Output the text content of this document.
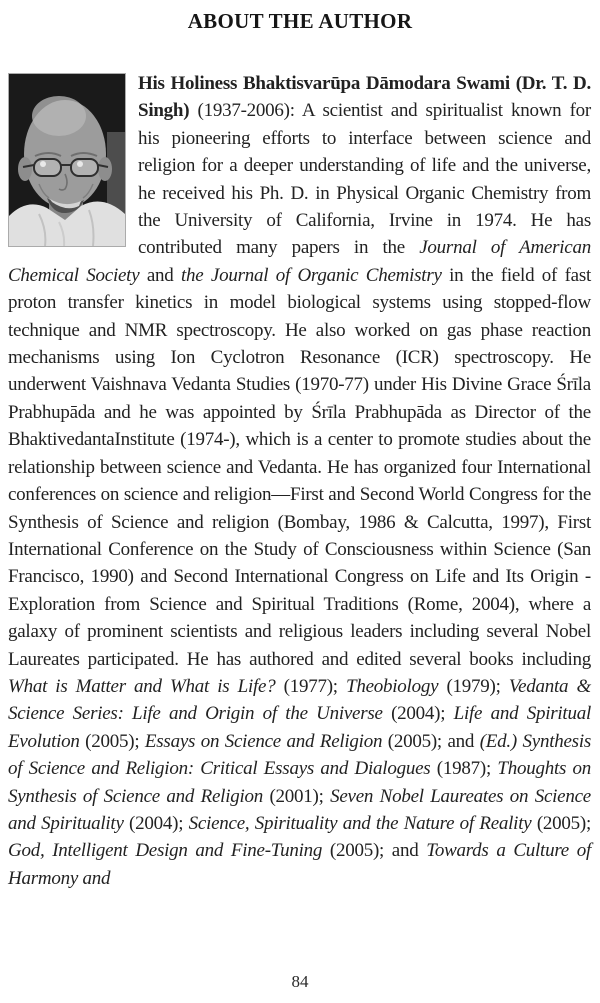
ABOUT THE AUTHOR

His Holiness Bhaktisvarūpa Dāmodara Swami (Dr. T. D. Singh) (1937-2006): A scientist and spiritualist known for his pioneering efforts to interface between science and religion for a deeper understanding of life and the universe, he received his Ph. D. in Physical Organic Chemistry from the University of California, Irvine in 1974. He has contributed many papers in the Journal of American Chemical Society and the Journal of Organic Chemistry in the field of fast proton transfer kinetics in model biological systems using stopped-flow technique and NMR spectroscopy. He also worked on gas phase reaction mechanisms using Ion Cyclotron Resonance (ICR) spectroscopy. He underwent Vaishnava Vedanta Studies (1970-77) under His Divine Grace Śrīla Prabhupāda and he was appointed by Śrīla Prabhupāda as Director of the BhaktivedantaInstitute (1974-), which is a center to promote studies about the relationship between science and Vedanta. He has organized four International conferences on science and religion—First and Second World Congress for the Synthesis of Science and religion (Bombay, 1986 & Calcutta, 1997), First International Conference on the Study of Consciousness within Science (San Francisco, 1990) and Second International Congress on Life and Its Origin - Exploration from Science and Spiritual Traditions (Rome, 2004), where a galaxy of prominent scientists and religious leaders including several Nobel Laureates participated. He has authored and edited several books including What is Matter and What is Life? (1977); Theobiology (1979); Vedanta & Science Series: Life and Origin of the Universe (2004); Life and Spiritual Evolution (2005); Essays on Science and Religion (2005); and (Ed.) Synthesis of Science and Religion: Critical Essays and Dialogues (1987); Thoughts on Synthesis of Science and Religion (2001); Seven Nobel Laureates on Science and Spirituality (2004); Science, Spirituality and the Nature of Reality (2005); God, Intelligent Design and Fine-Tuning (2005); and Towards a Culture of Harmony and

84
